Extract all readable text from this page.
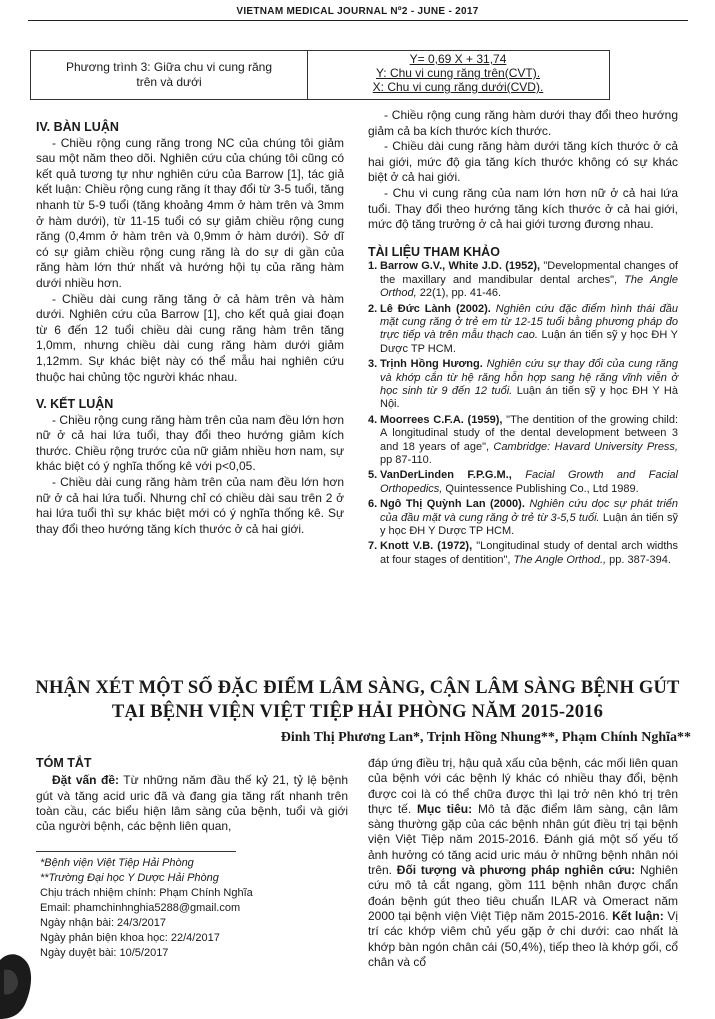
VIETNAM MEDICAL JOURNAL Nº2 - JUNE - 2017
Phương trình 3: Giữa chu vi cung răng trên và dưới
Y= 0,69 X + 31,74
Y: Chu vi cung răng trên(CVT).
X: Chu vi cung răng dưới(CVD).

IV. BÀN LUẬN

- Chiều rộng cung răng trong NC của chúng tôi giảm sau một năm theo dõi. Nghiên cứu của chúng tôi cũng có kết quả tương tự như nghiên cứu của Barrow [1], tác giả kết luận: Chiều rộng cung răng ít thay đổi từ 3-5 tuổi, tăng nhanh từ 5-9 tuổi (tăng khoảng 4mm ở hàm trên và 3mm ở hàm dưới), từ 11-15 tuổi có sự giảm chiều rộng cung răng (0,4mm ở hàm trên và 0,9mm ở hàm dưới). Sở dĩ có sự giảm chiều rộng cung răng là do sự di gần của răng hàm lớn thứ nhất và hướng hội tụ của răng hàm dưới nhiều hơn.

- Chiều dài cung răng tăng ở cả hàm trên và hàm dưới. Nghiên cứu của Barrow [1], cho kết quả giai đoạn từ 6 đến 12 tuổi chiều dài cung răng hàm trên tăng 1,0mm, nhưng chiều dài cung răng hàm dưới giảm 1,12mm. Sự khác biệt này có thể mẫu hai nghiên cứu thuộc hai chủng tộc người khác nhau.

V. KẾT LUẬN

- Chiều rộng cung răng hàm trên của nam đều lớn hơn nữ ở cả hai lứa tuổi, thay đổi theo hướng giảm kích thước. Chiều rộng trước của nữ giảm nhiều hơn nam, sự khác biệt có ý nghĩa thống kê với p<0,05.

- Chiều dài cung răng hàm trên của nam đều lớn hơn nữ ở cả hai lứa tuổi. Nhưng chỉ có chiều dài sau trên 2 ở hai lứa tuổi thì sự khác biệt mới có ý nghĩa thống kê. Sự thay đổi theo hướng tăng kích thước ở cả hai giới.

- Chiều rộng cung răng hàm dưới thay đổi theo hướng giảm cả ba kích thước kích thước.

- Chiều dài cung răng hàm dưới tăng kích thước ở cả hai giới, mức độ gia tăng kích thước không có sự khác biệt ở cả hai giới.

- Chu vi cung răng của nam lớn hơn nữ ở cả hai lứa tuổi. Thay đổi theo hướng tăng kích thước ở cả hai giới, mức độ tăng trưởng ở cả hai giới tương đương nhau.

TÀI LIỆU THAM KHẢO

1. Barrow G.V., White J.D. (1952), "Developmental changes of the maxillary and mandibular dental arches", The Angle Orthod, 22(1), pp. 41-46.
2. Lê Đức Lành (2002). Nghiên cứu đặc điểm hình thái đầu mặt cung răng ở trẻ em từ 12-15 tuổi bằng phương pháp đo trực tiếp và trên mẫu thạch cao. Luận án tiến sỹ y học ĐH Y Dược TP HCM.
3. Trịnh Hồng Hương. Nghiên cứu sự thay đổi của cung răng và khớp cắn từ hệ răng hỗn hợp sang hệ răng vĩnh viễn ở học sinh từ 9 đến 12 tuổi. Luận án tiến sỹ y học ĐH Y Hà Nội.
4. Moorrees C.F.A. (1959), "The dentition of the growing child: A longitudinal study of the dental development between 3 and 18 years of age", Cambridge: Havard University Press, pp 87-110.
5. VanDerLinden F.P.G.M., Facial Growth and Facial Orthopedics, Quintessence Publishing Co., Ltd 1989.
6. Ngô Thị Quỳnh Lan (2000). Nghiên cứu dọc sự phát triển của đầu mặt và cung răng ở trẻ từ 3-5,5 tuổi. Luận án tiến sỹ y học ĐH Y Dược TP HCM.
7. Knott V.B. (1972), "Longitudinal study of dental arch widths at four stages of dentition", The Angle Orthod., pp. 387-394.
NHẬN XÉT MỘT SỐ ĐẶC ĐIỂM LÂM SÀNG, CẬN LÂM SÀNG BỆNH GÚT
TẠI BỆNH VIỆN VIỆT TIỆP HẢI PHÒNG NĂM 2015-2016
Đinh Thị Phương Lan*, Trịnh Hồng Nhung**, Phạm Chính Nghĩa**

TÓM TẮT

Đặt vấn đề: Từ những năm đầu thế kỷ 21, tỷ lệ bệnh gút và tăng acid uric đã và đang gia tăng rất nhanh trên toàn cầu, các biểu hiện lâm sàng của bệnh, tuổi và giới của người bệnh, các bệnh liên quan,

đáp ứng điều trị, hậu quả xấu của bệnh, các mối liên quan của bệnh với các bệnh lý khác có nhiều thay đổi, bệnh được coi là có thể chữa được thì lại trở nên khó trị trên thực tế. Mục tiêu: Mô tả đặc điểm lâm sàng, cận lâm sàng thường gặp của các bệnh nhân gút điều trị tại bệnh viện Việt Tiệp năm 2015-2016. Đánh giá một số yếu tố ảnh hưởng có tăng acid uric máu ở những bệnh nhân nói trên. Đối tượng và phương pháp nghiên cứu: Nghiên cứu mô tả cắt ngang, gồm 111 bệnh nhân được chẩn đoán bệnh gút theo tiêu chuẩn ILAR và Omeract năm 2000 tại bệnh viện Việt Tiệp năm 2015-2016. Kết luận: Vị trí các khớp viêm chủ yếu gặp ở chi dưới: cao nhất là khớp bàn ngón chân cái (50,4%), tiếp theo là khớp gối, cổ chân và cổ

*Bệnh viện Việt Tiệp Hải Phòng
**Trường Đại học Y Dược Hải Phòng
Chịu trách nhiệm chính: Phạm Chính Nghĩa
Email: phamchinhnghia5288@gmail.com
Ngày nhận bài: 24/3/2017
Ngày phản biện khoa học: 22/4/2017
Ngày duyệt bài: 10/5/2017
